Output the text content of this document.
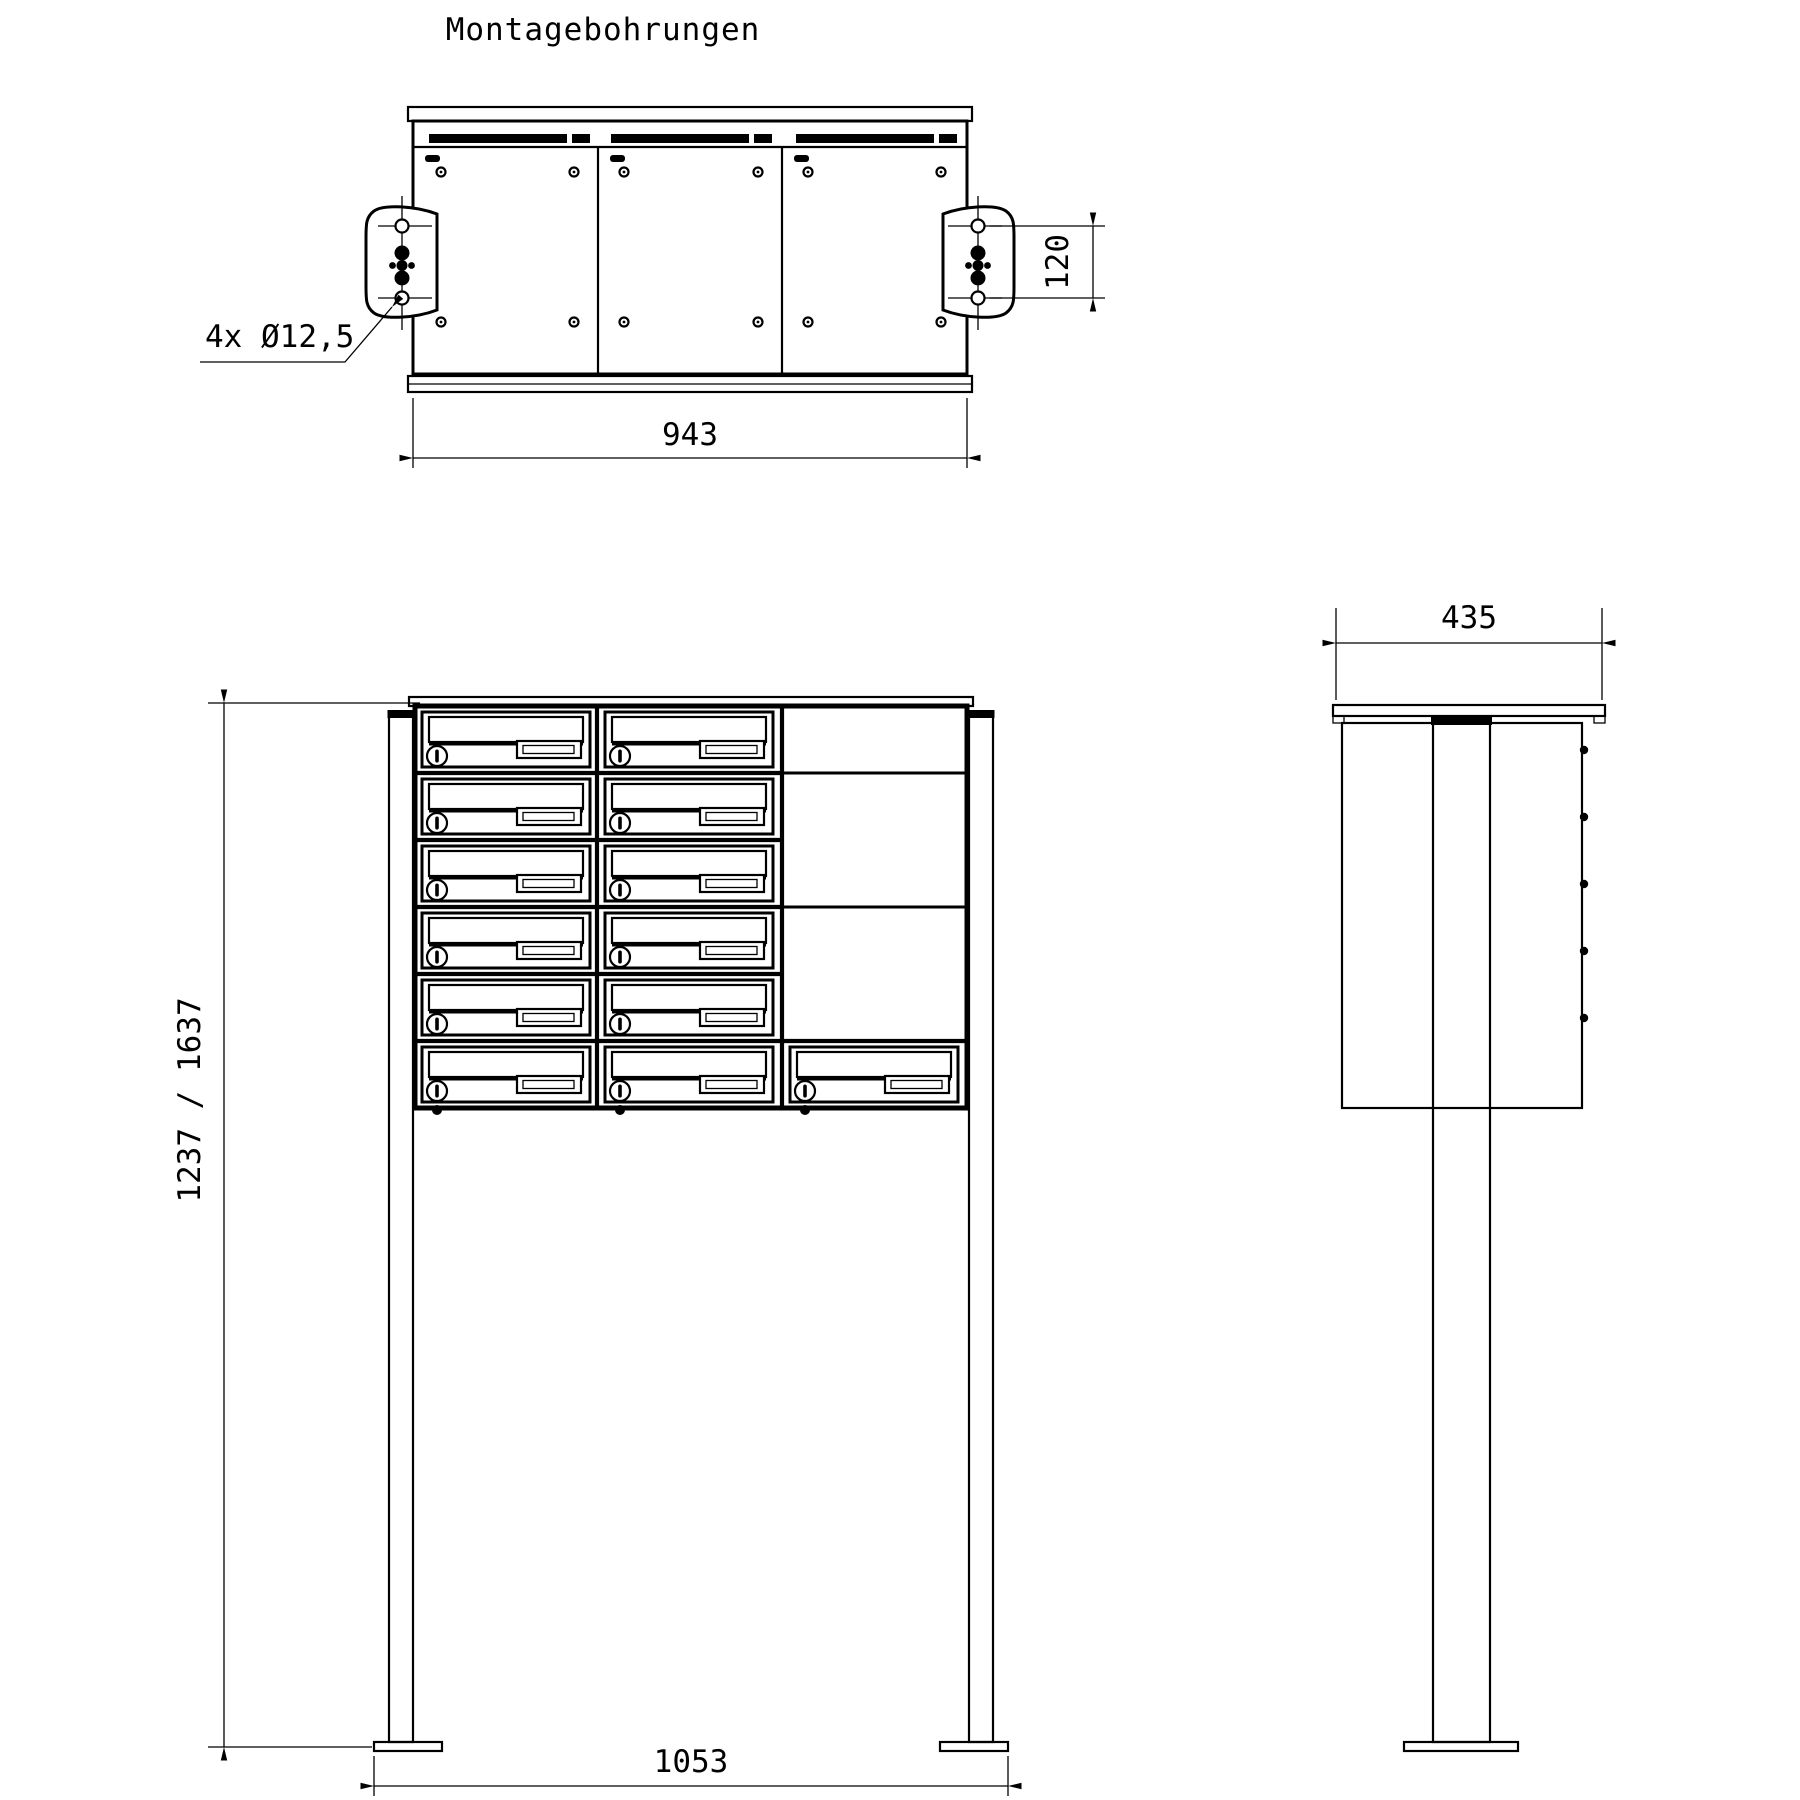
Montagebohrungen
4x Ø12,5
943
120
1237 / 1637
1053
435
